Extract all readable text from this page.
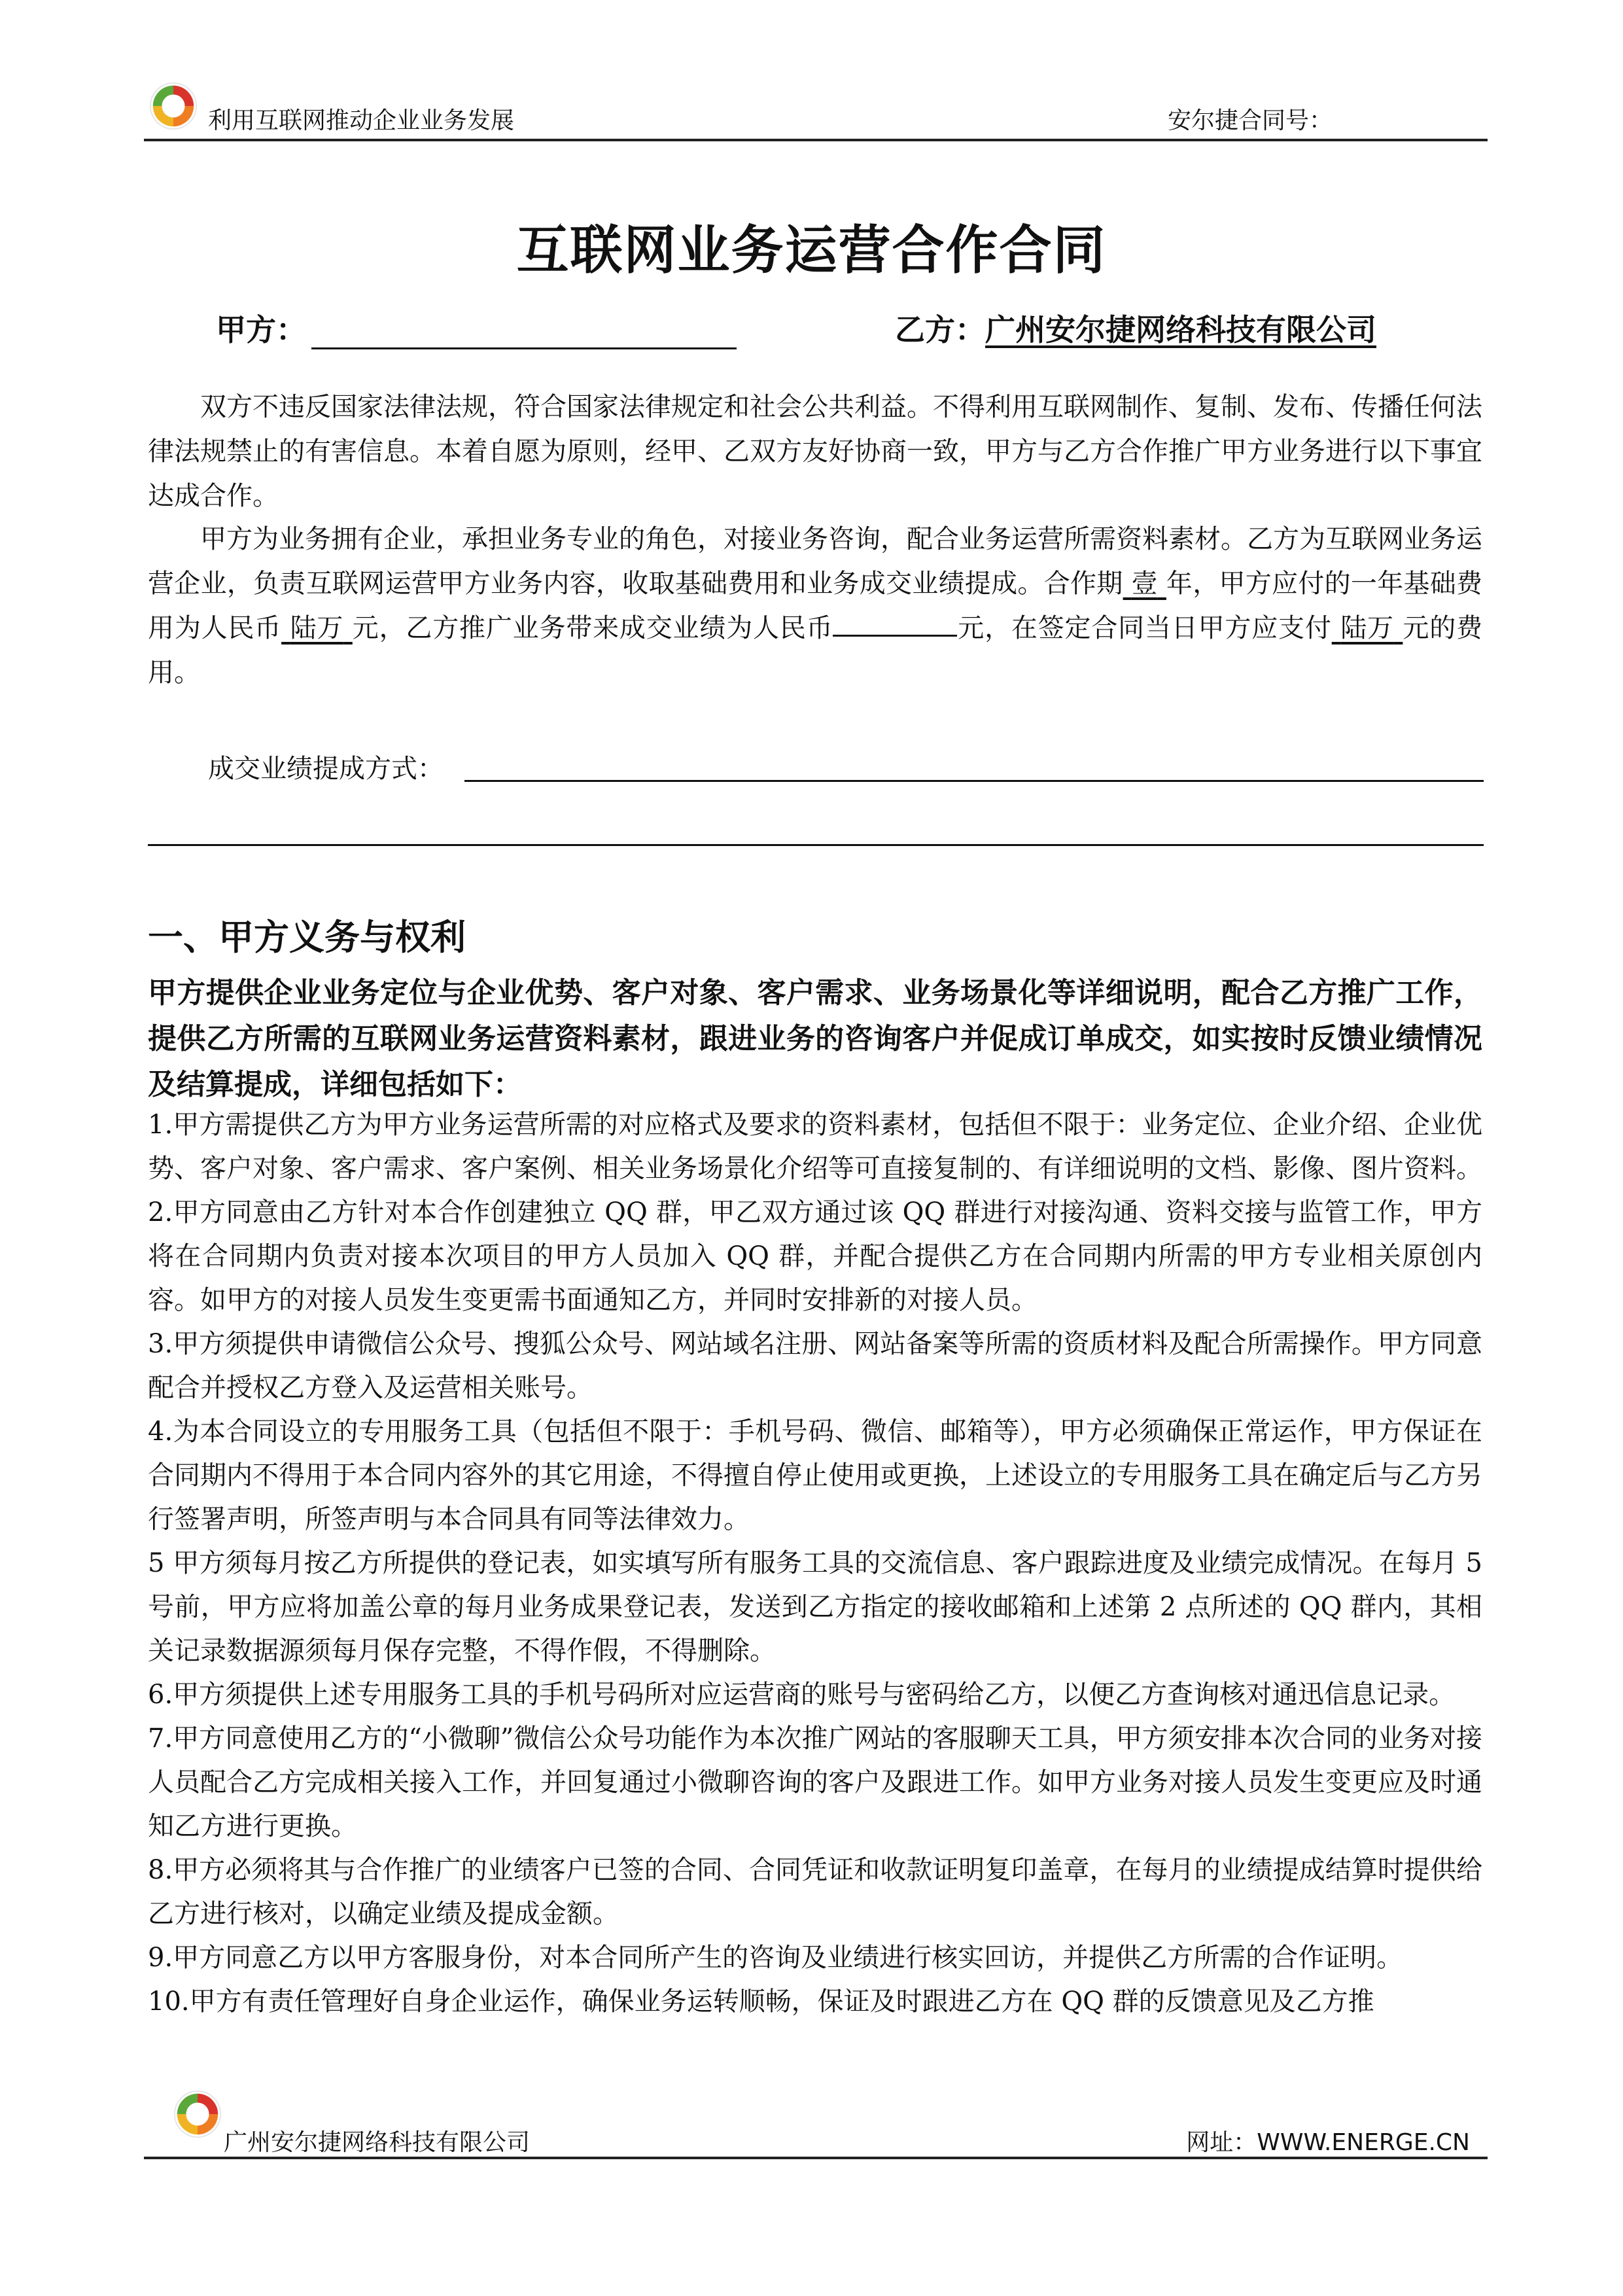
利用互联网推动企业业务发展	安尔捷合同号：
互联网业务运营合作合同
甲方：	乙方：广州安尔捷网络科技有限公司

双方不违反国家法律法规，符合国家法律规定和社会公共利益。不得利用互联网制作、复制、发布、传播任何法律法规禁止的有害信息。本着自愿为原则，经甲、乙双方友好协商一致，甲方与乙方合作推广甲方业务进行以下事宜达成合作。

甲方为业务拥有企业，承担业务专业的角色，对接业务咨询，配合业务运营所需资料素材。乙方为互联网业务运营企业，负责互联网运营甲方业务内容，收取基础费用和业务成交业绩提成。合作期 壹 年，甲方应付的一年基础费用为人民币 陆万 元，乙方推广业务带来成交业绩为人民币	元，在签定合同当日甲方应支付 陆万 元的费用。

成交业绩提成方式：
一、甲方义务与权利

甲方提供企业业务定位与企业优势、客户对象、客户需求、业务场景化等详细说明，配合乙方推广工作，提供乙方所需的互联网业务运营资料素材，跟进业务的咨询客户并促成订单成交，如实按时反馈业绩情况及结算提成，详细包括如下：

1.甲方需提供乙方为甲方业务运营所需的对应格式及要求的资料素材，包括但不限于：业务定位、企业介绍、企业优势、客户对象、客户需求、客户案例、相关业务场景化介绍等可直接复制的、有详细说明的文档、影像、图片资料。
2.甲方同意由乙方针对本合作创建独立 QQ 群，甲乙双方通过该 QQ 群进行对接沟通、资料交接与监管工作，甲方将在合同期内负责对接本次项目的甲方人员加入 QQ 群，并配合提供乙方在合同期内所需的甲方专业相关原创内容。如甲方的对接人员发生变更需书面通知乙方，并同时安排新的对接人员。
3.甲方须提供申请微信公众号、搜狐公众号、网站域名注册、网站备案等所需的资质材料及配合所需操作。甲方同意配合并授权乙方登入及运营相关账号。
4.为本合同设立的专用服务工具（包括但不限于：手机号码、微信、邮箱等），甲方必须确保正常运作，甲方保证在合同期内不得用于本合同内容外的其它用途，不得擅自停止使用或更换，上述设立的专用服务工具在确定后与乙方另行签署声明，所签声明与本合同具有同等法律效力。
5 甲方须每月按乙方所提供的登记表，如实填写所有服务工具的交流信息、客户跟踪进度及业绩完成情况。在每月 5 号前，甲方应将加盖公章的每月业务成果登记表，发送到乙方指定的接收邮箱和上述第 2 点所述的 QQ 群内，其相关记录数据源须每月保存完整，不得作假，不得删除。
6.甲方须提供上述专用服务工具的手机号码所对应运营商的账号与密码给乙方，以便乙方查询核对通迅信息记录。
7.甲方同意使用乙方的“小微聊”微信公众号功能作为本次推广网站的客服聊天工具，甲方须安排本次合同的业务对接人员配合乙方完成相关接入工作，并回复通过小微聊咨询的客户及跟进工作。如甲方业务对接人员发生变更应及时通知乙方进行更换。
8.甲方必须将其与合作推广的业绩客户已签的合同、合同凭证和收款证明复印盖章，在每月的业绩提成结算时提供给乙方进行核对，以确定业绩及提成金额。
9.甲方同意乙方以甲方客服身份，对本合同所产生的咨询及业绩进行核实回访，并提供乙方所需的合作证明。
10.甲方有责任管理好自身企业运作，确保业务运转顺畅，保证及时跟进乙方在 QQ 群的反馈意见及乙方推
广州安尔捷网络科技有限公司	网址：WWW.ENERGE.CN
